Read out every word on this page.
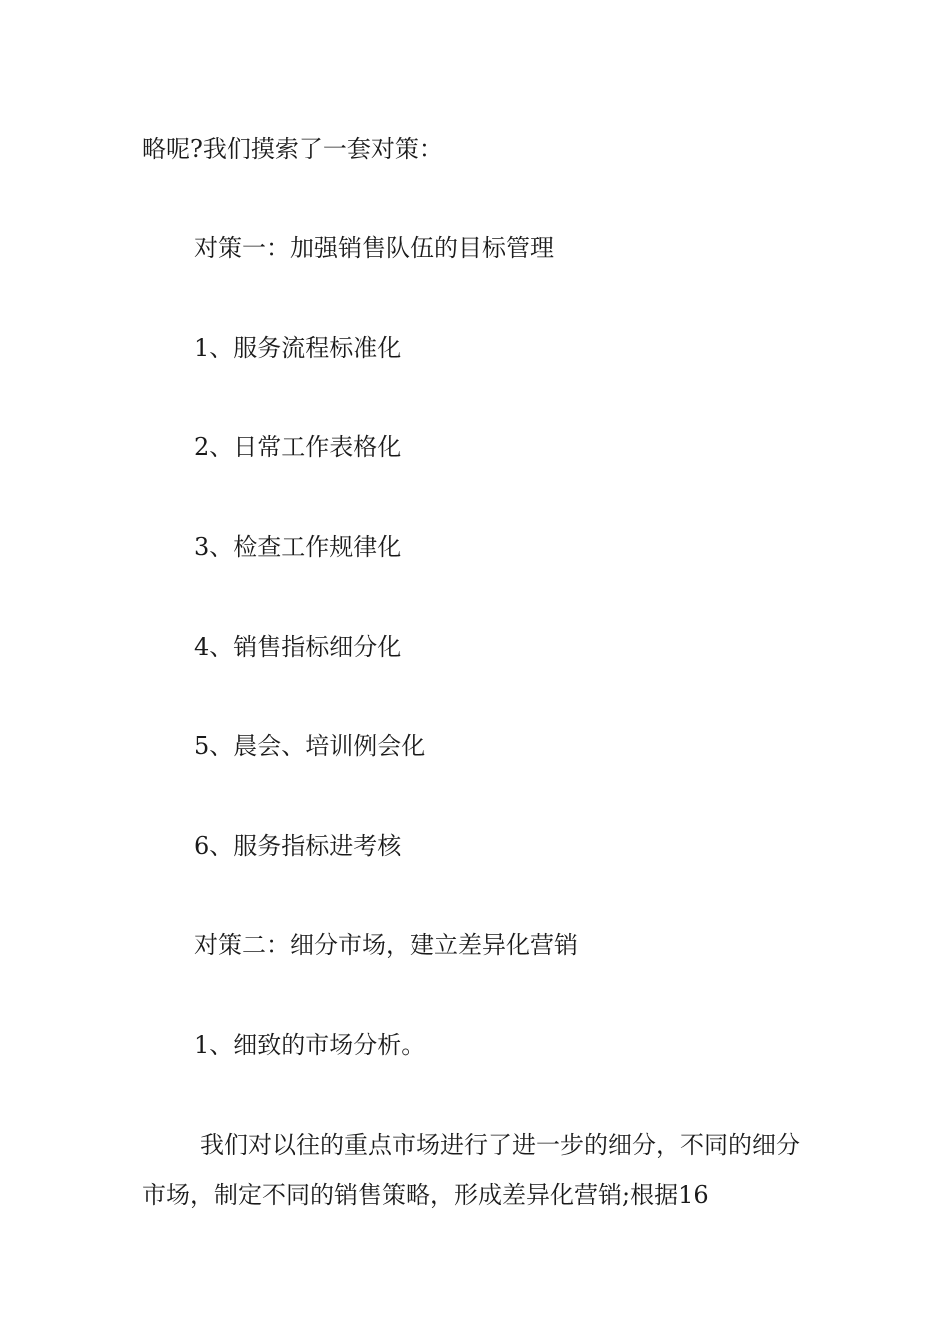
略呢?我们摸索了一套对策：
对策一：加强销售队伍的目标管理
1、服务流程标准化
2、日常工作表格化
3、检查工作规律化
4、销售指标细分化
5、晨会、培训例会化
6、服务指标进考核
对策二：细分市场，建立差异化营销
1、细致的市场分析。
我们对以往的重点市场进行了进一步的细分，不同的细分市场，制定不同的销售策略，形成差异化营销;根据16
